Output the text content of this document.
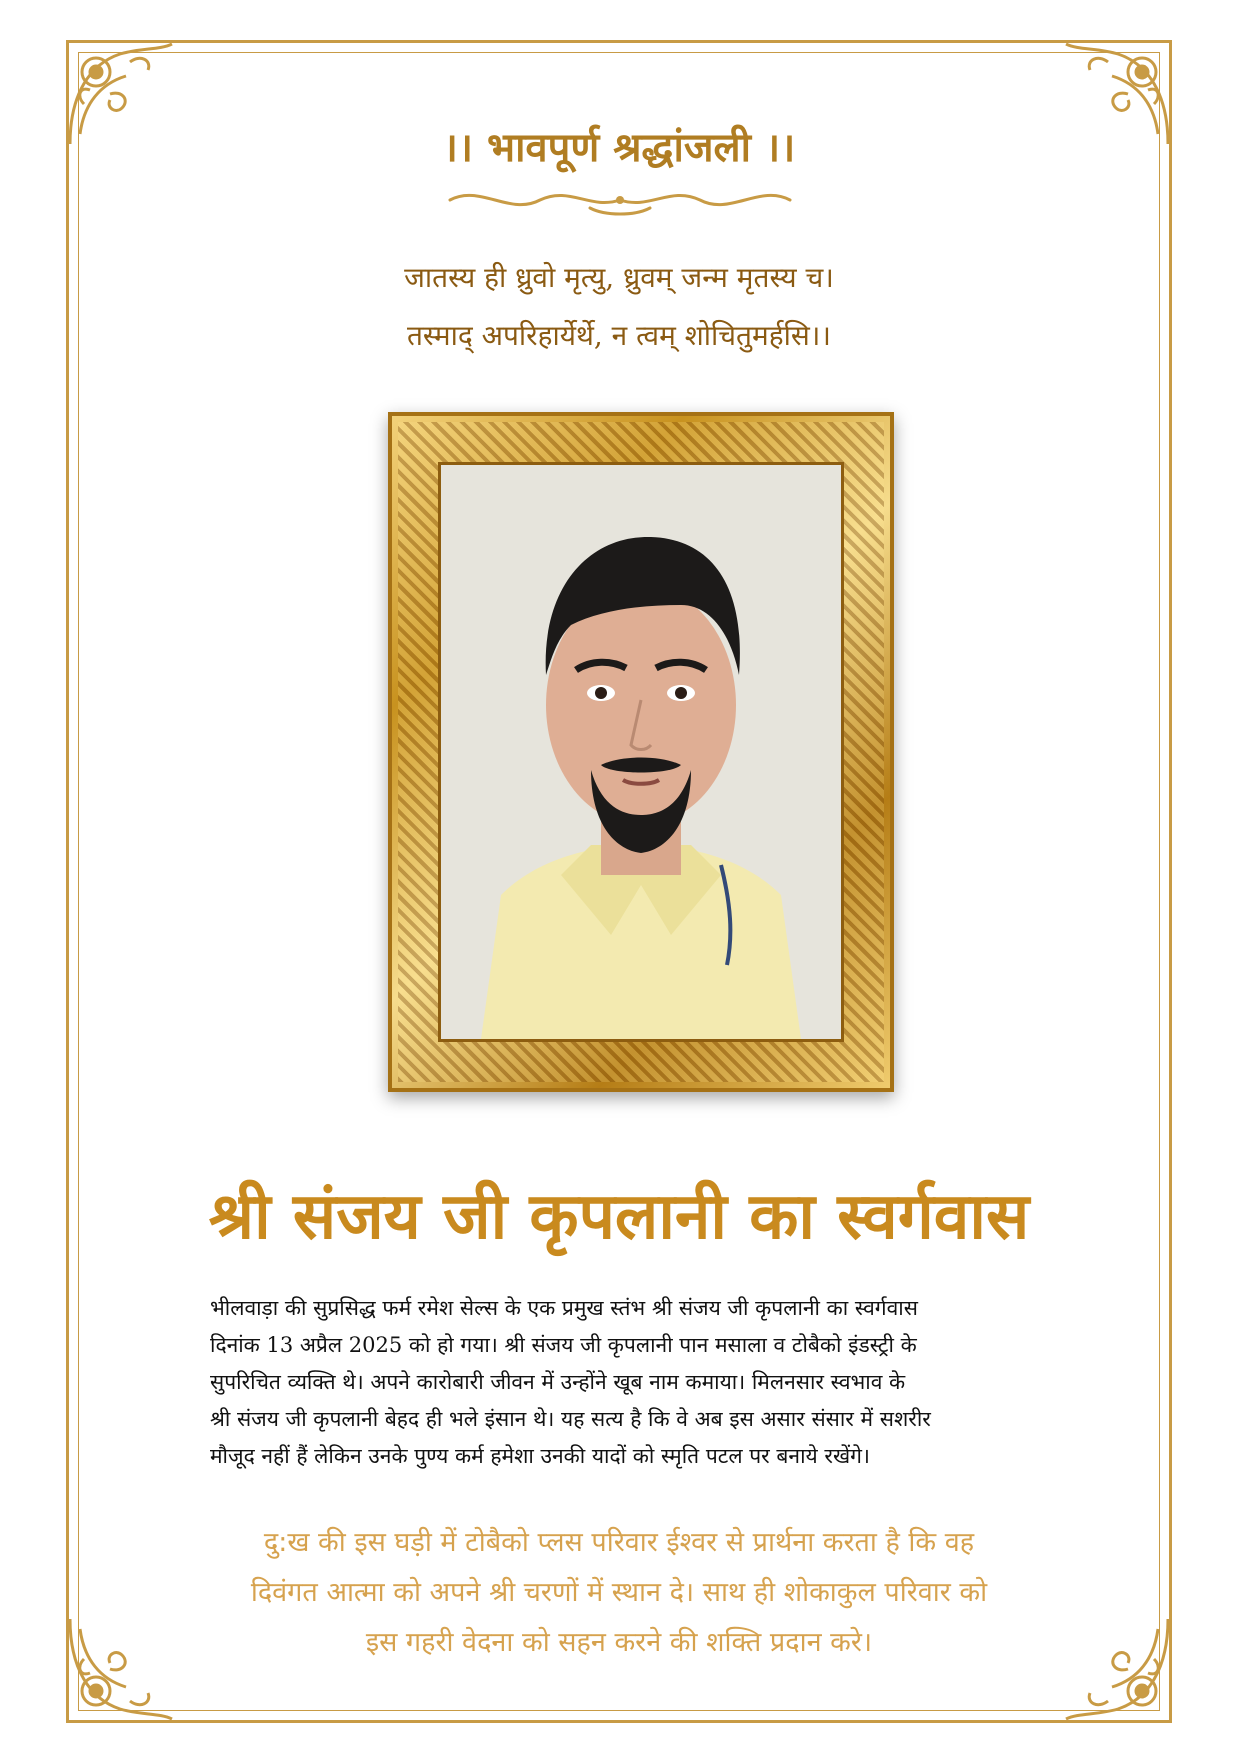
।। भावपूर्ण श्रद्धांजली ।।
जातस्य ही ध्रुवो मृत्यु, ध्रुवम् जन्म मृतस्य च।
तस्माद् अपरिहार्येर्थे, न त्वम् शोचितुमर्हसि।।
श्री संजय जी कृपलानी का स्वर्गवास
भीलवाड़ा की सुप्रसिद्ध फर्म रमेश सेल्स के एक प्रमुख स्तंभ श्री संजय जी कृपलानी का स्वर्गवास
दिनांक 13 अप्रैल 2025 को हो गया। श्री संजय जी कृपलानी पान मसाला व टोबैको इंडस्ट्री के
सुपरिचित व्यक्ति थे। अपने कारोबारी जीवन में उन्होंने खूब नाम कमाया। मिलनसार स्वभाव के
श्री संजय जी कृपलानी बेहद ही भले इंसान थे। यह सत्य है कि वे अब इस असार संसार में सशरीर
मौजूद नहीं हैं लेकिन उनके पुण्य कर्म हमेशा उनकी यादों को स्मृति पटल पर बनाये रखेंगे।
दु:ख की इस घड़ी में टोबैको प्लस परिवार ईश्वर से प्रार्थना करता है कि वह
दिवंगत आत्मा को अपने श्री चरणों में स्थान दे। साथ ही शोकाकुल परिवार को
इस गहरी वेदना को सहन करने की शक्ति प्रदान करे।
